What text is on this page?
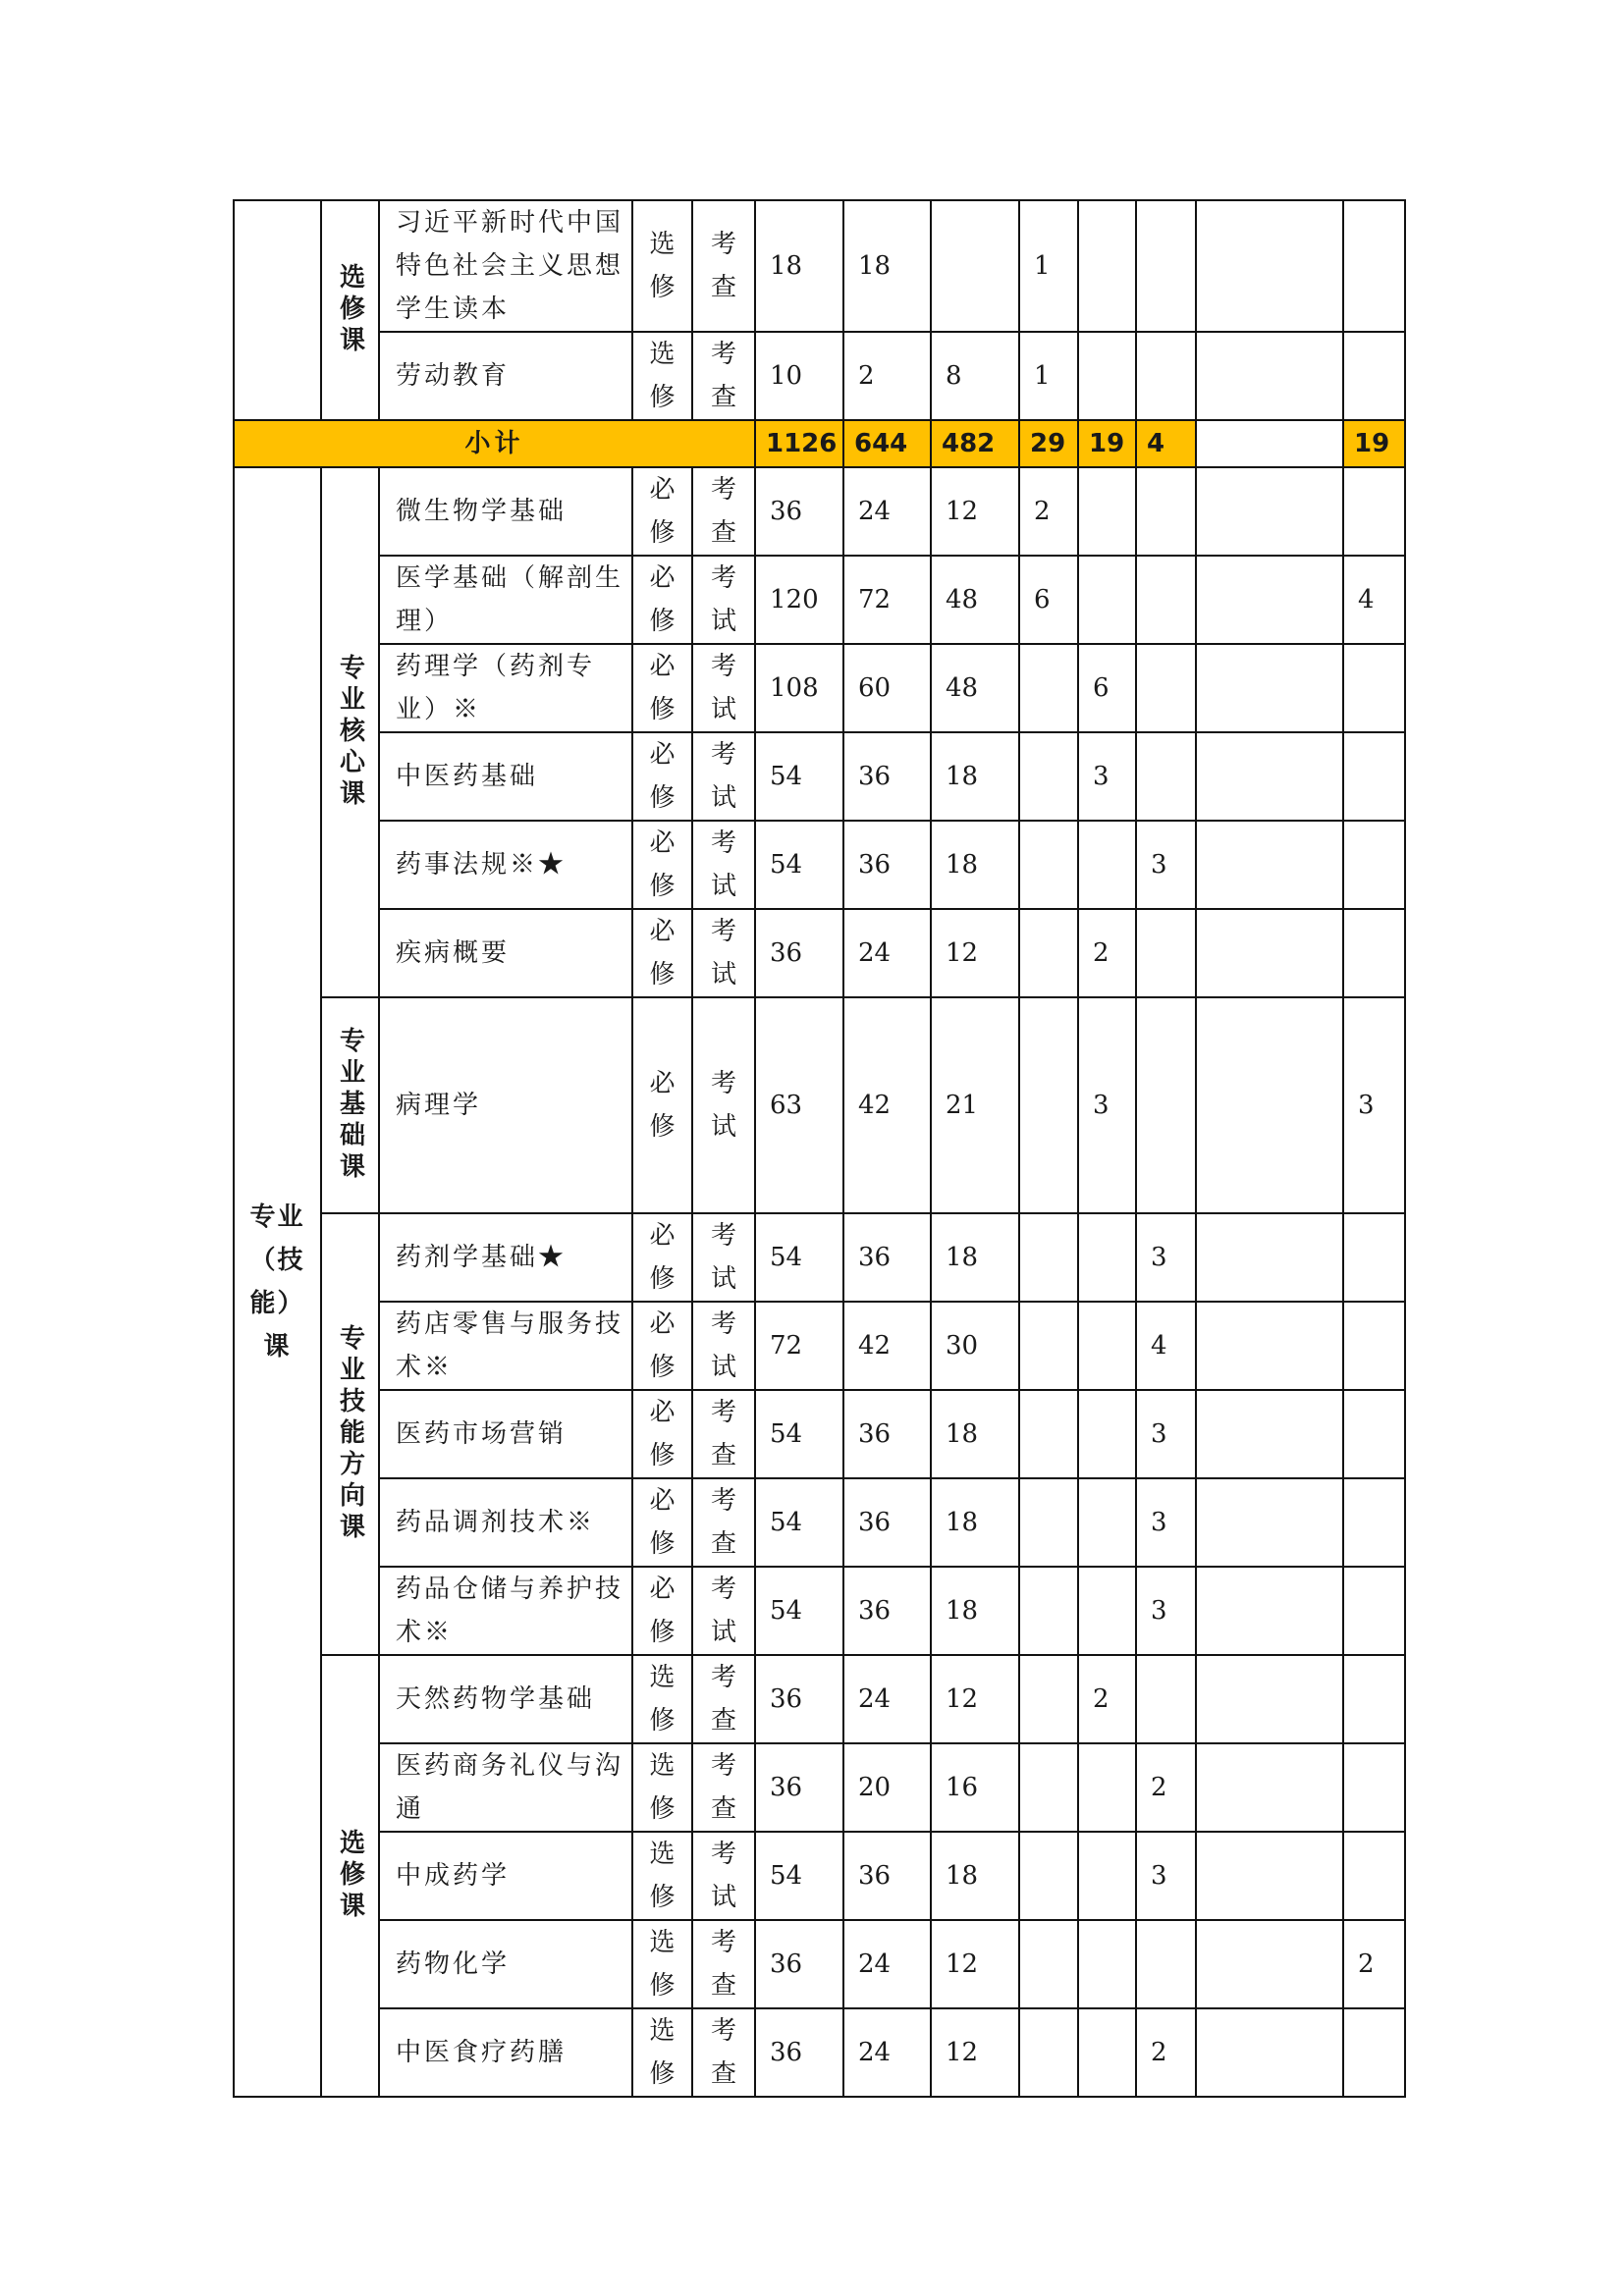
	选修课	习近平新时代中国特色社会主义思想学生读本	选修	考查	18	18		1				
		劳动教育	选修	考查	10	2	8	1				
小计					1126	644	482	29	19	4		19

专业（技能）课	专业核心课	微生物学基础	必修	考查	36	24	12	2				
		医学基础（解剖生理）	必修	考试	120	72	48	6				4
		药理学（药剂专业）※	必修	考试	108	60	48		6			
		中医药基础	必修	考试	54	36	18		3			
		药事法规※★	必修	考试	54	36	18			3		
		疾病概要	必修	考试	36	24	12		2			

	专业基础课	病理学	必修	考试	63	42	21		3			3

	专业技能方向课	药剂学基础★	必修	考试	54	36	18			3		
		药店零售与服务技术※	必修	考试	72	42	30			4		
		医药市场营销	必修	考查	54	36	18			3		
		药品调剂技术※	必修	考查	54	36	18			3		
		药品仓储与养护技术※	必修	考试	54	36	18			3		

	选修课	天然药物学基础	选修	考查	36	24	12		2			
		医药商务礼仪与沟通	选修	考查	36	20	16			2		
		中成药学	选修	考试	54	36	18			3		
		药物化学	选修	考查	36	24	12					2
		中医食疗药膳	选修	考查	36	24	12			2		
